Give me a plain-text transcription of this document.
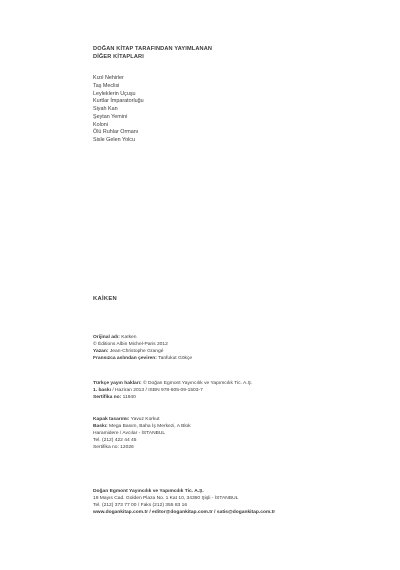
DOĞAN KİTAP TARAFINDAN YAYIMLANAN
DİĞER KİTAPLARI
Kızıl Nehirler
Taş Meclisi
Leyleklerin Uçuşu
Kurtlar İmparatorluğu
Siyah Kan
Şeytan Yemini
Koloni
Ölü Ruhlar Ormanı
Sisle Gelen Yolcu
KAİKEN
Orijinal adı: Kaïken
© Éditions Albin Michel-Paris 2012
Yazan: Jean-Christophe Grangé
Fransızca aslından çeviren: Tanfukut Gökçe
Türkçe yayın hakları: © Doğan Egmont Yayıncılık ve Yapımcılık Tic. A.Ş.
1. baskı / Haziran 2013 / ISBN 978-605-09-1503-7
Sertifika no: 11940
Kapak tasarımı: Yavuz Korkut
Baskı: Mega Basım, Baha İş Merkezi, A Blok
Haramidere / Avcılar - İSTANBUL
Tel. (212) 422 44 45
Sertifika no: 12026
Doğan Egmont Yayıncılık ve Yapımcılık Tic. A.Ş.
19 Mayıs Cad. Golden Plaza No. 1 Kat 10, 34360 Şişli - İSTANBUL
Tel. (212) 373 77 00 / Faks (212) 355 83 16
www.dogankitap.com.tr / editor@dogankitap.com.tr / satis@dogankitap.com.tr
